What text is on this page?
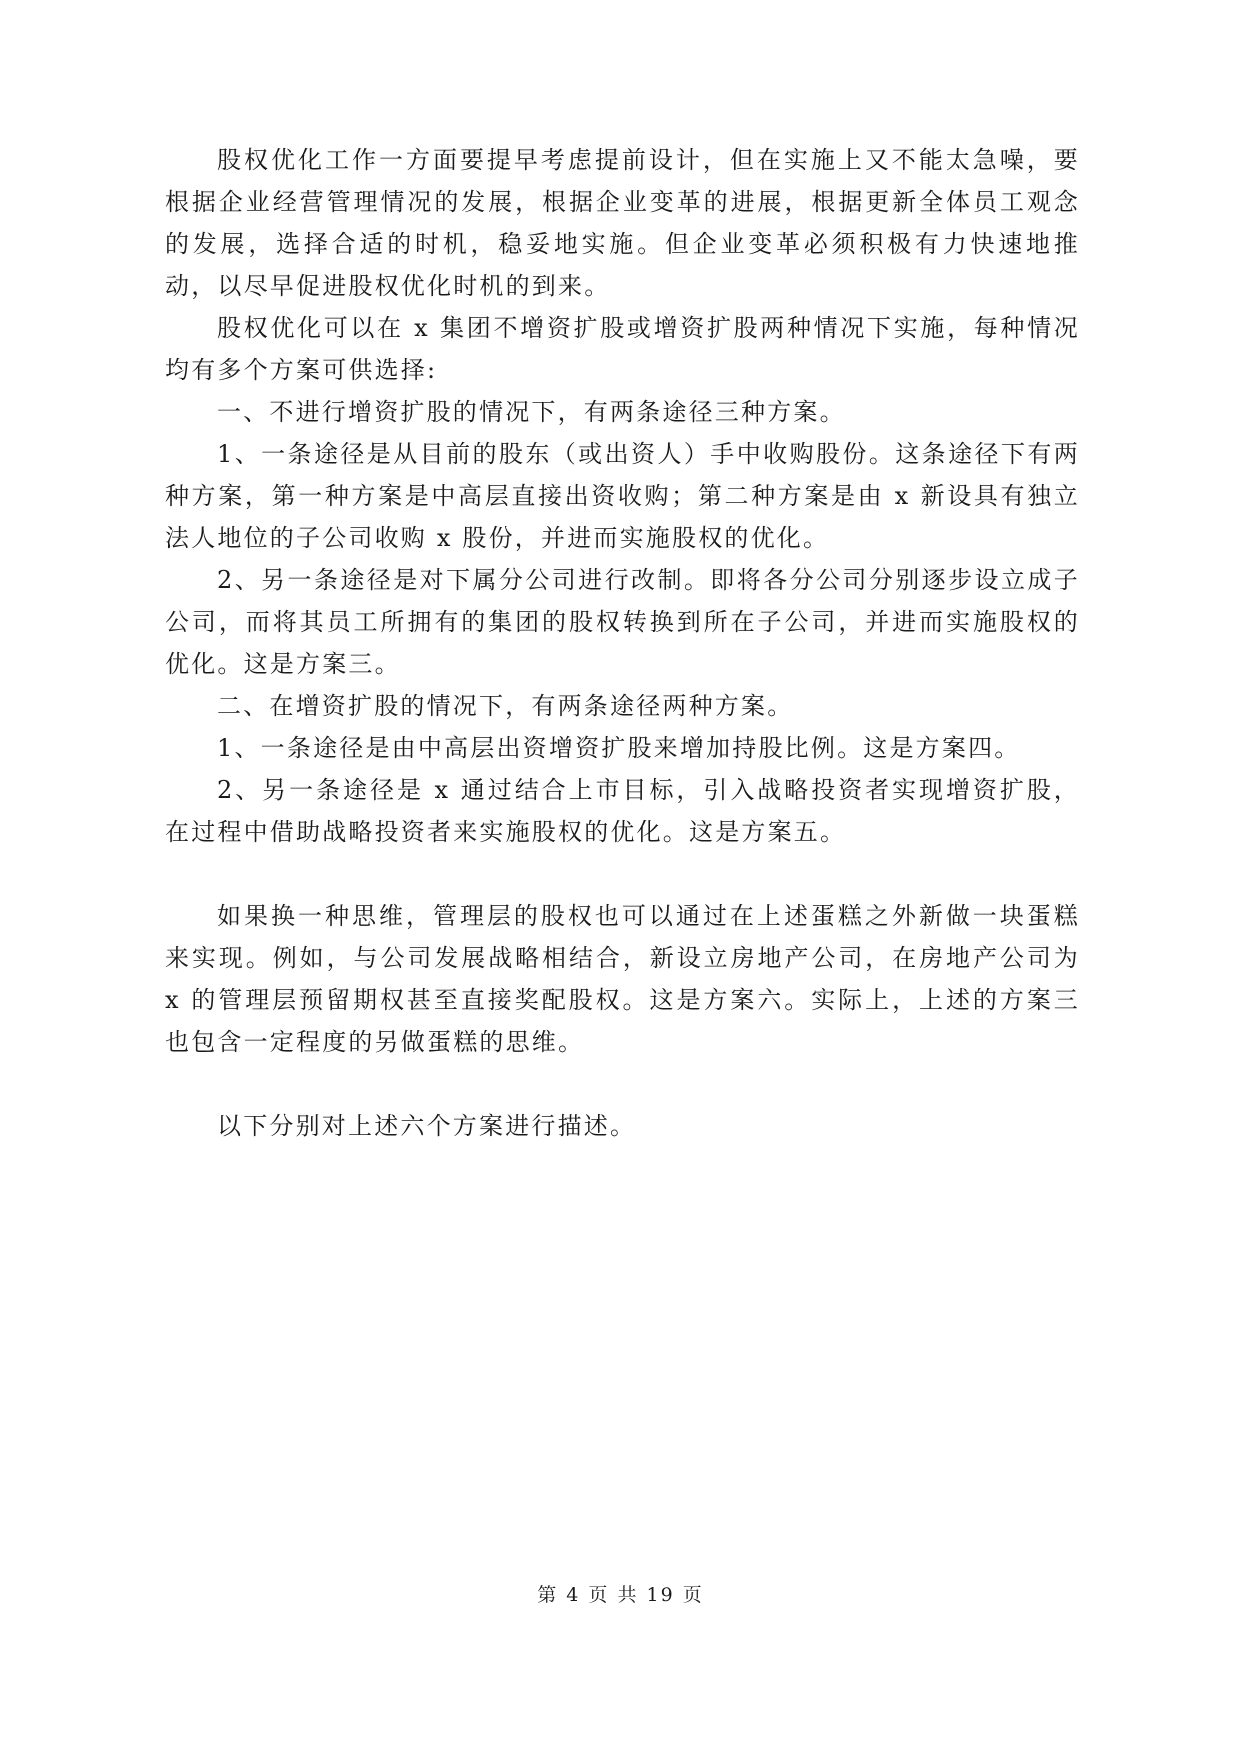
股权优化工作一方面要提早考虑提前设计，但在实施上又不能太急噪，要根据企业经营管理情况的发展，根据企业变革的进展，根据更新全体员工观念的发展，选择合适的时机，稳妥地实施。但企业变革必须积极有力快速地推动，以尽早促进股权优化时机的到来。

股权优化可以在 x 集团不增资扩股或增资扩股两种情况下实施，每种情况均有多个方案可供选择:

一、不进行增资扩股的情况下，有两条途径三种方案。

1、一条途径是从目前的股东（或出资人）手中收购股份。这条途径下有两种方案，第一种方案是中高层直接出资收购；第二种方案是由 x 新设具有独立法人地位的子公司收购 x 股份，并进而实施股权的优化。

2、另一条途径是对下属分公司进行改制。即将各分公司分别逐步设立成子公司，而将其员工所拥有的集团的股权转换到所在子公司，并进而实施股权的优化。这是方案三。

二、在增资扩股的情况下，有两条途径两种方案。

1、一条途径是由中高层出资增资扩股来增加持股比例。这是方案四。

2、另一条途径是 x 通过结合上市目标，引入战略投资者实现增资扩股，在过程中借助战略投资者来实施股权的优化。这是方案五。

如果换一种思维，管理层的股权也可以通过在上述蛋糕之外新做一块蛋糕来实现。例如，与公司发展战略相结合，新设立房地产公司，在房地产公司为 x 的管理层预留期权甚至直接奖配股权。这是方案六。实际上，上述的方案三也包含一定程度的另做蛋糕的思维。

以下分别对上述六个方案进行描述。

第 4 页 共 19 页
